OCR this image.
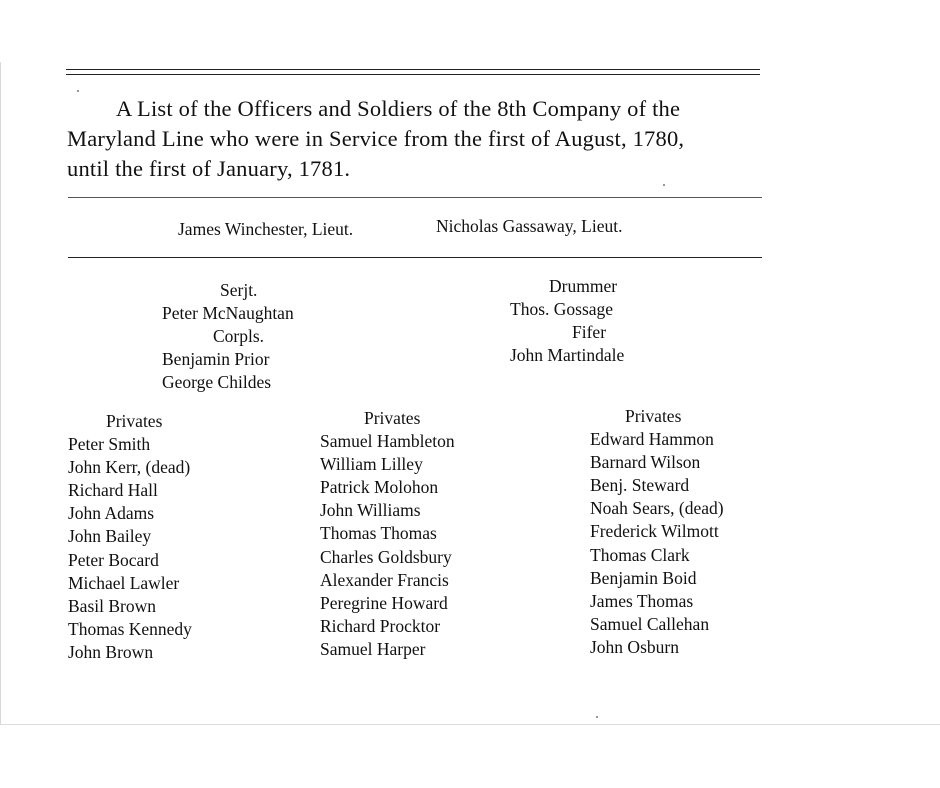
A List of the Officers and Soldiers of the 8th Company of the
Maryland Line who were in Service from the first of August, 1780,
until the first of January, 1781.
James Winchester, Lieut.	Nicholas Gassaway, Lieut.
Serjt.
Peter McNaughtan
Corpls.
Benjamin Prior
George Childes
Drummer
Thos. Gossage
Fifer
John Martindale
Privates
Peter Smith
John Kerr, (dead)
Richard Hall
John Adams
John Bailey
Peter Bocard
Michael Lawler
Basil Brown
Thomas Kennedy
John Brown
Privates
Samuel Hambleton
William Lilley
Patrick Molohon
John Williams
Thomas Thomas
Charles Goldsbury
Alexander Francis
Peregrine Howard
Richard Procktor
Samuel Harper
Privates
Edward Hammon
Barnard Wilson
Benj. Steward
Noah Sears, (dead)
Frederick Wilmott
Thomas Clark
Benjamin Boid
James Thomas
Samuel Callehan
John Osburn
